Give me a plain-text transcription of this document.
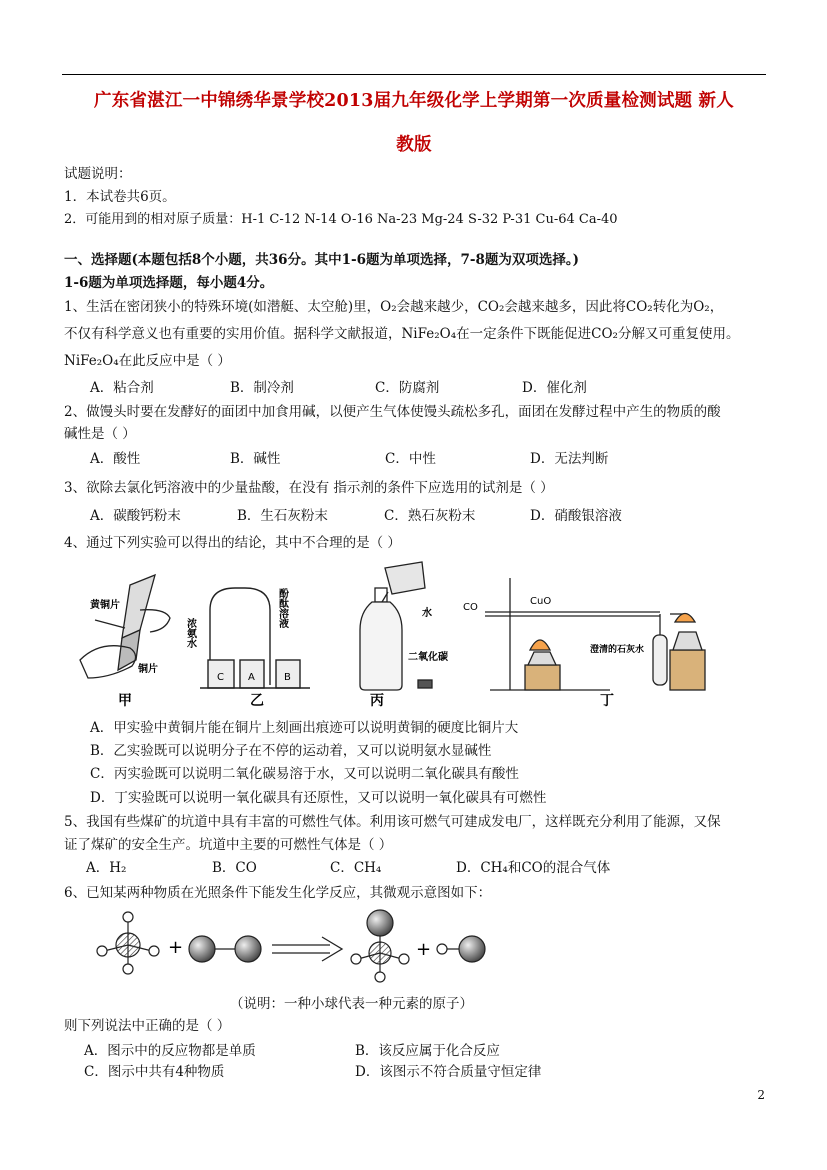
广东省湛江一中锦绣华景学校2013届九年级化学上学期第一次质量检测试题 新人
教版
试题说明：
1．本试卷共6页。
2．可能用到的相对原子质量：H-1 C-12 N-14 O-16 Na-23 Mg-24 S-32 P-31 Cu-64 Ca-40
一、选择题(本题包括8个小题，共36分。其中1-6题为单项选择，7-8题为双项选择。)
1-6题为单项选择题，每小题4分。
1、生活在密闭狭小的特殊环境(如潜艇、太空舱)里，O₂会越来越少，CO₂会越来越多，因此将CO₂转化为O₂，
不仅有科学意义也有重要的实用价值。据科学文献报道，NiFe₂O₄在一定条件下既能促进CO₂分解又可重复使用。
NiFe₂O₄在此反应中是（ ）
A．粘合剂	B．制冷剂	C．防腐剂	D．催化剂
2、做馒头时要在发酵好的面团中加食用碱，以便产生气体使馒头疏松多孔，面团在发酵过程中产生的物质的酸
碱性是（ ）
A．酸性	B．碱性	C．中性	D．无法判断
3、欲除去氯化钙溶液中的少量盐酸，在没有 指示剂的条件下应选用的试剂是（ ）
A．碳酸钙粉末	B．生石灰粉末	C．熟石灰粉末	D．硝酸银溶液
4、通过下列实验可以得出的结论，其中不合理的是（ ）
黄铜片
铜片
甲
浓氨水
酚酞溶液
C A	B
乙
水
二氧化碳
丙
CO
CuO
澄清的石灰水
丁
A．甲实验中黄铜片能在铜片上刻画出痕迹可以说明黄铜的硬度比铜片大
B．乙实验既可以说明分子在不停的运动着，又可以说明氨水显碱性
C．丙实验既可以说明二氧化碳易溶于水，又可以说明二氧化碳具有酸性
D．丁实验既可以说明一氧化碳具有还原性，又可以说明一氧化碳具有可燃性
5、我国有些煤矿的坑道中具有丰富的可燃性气体。利用该可燃气可建成发电厂，这样既充分利用了能源，又保
证了煤矿的安全生产。坑道中主要的可燃性气体是（ ）
A．H₂	B．CO	C．CH₄	D．CH₄和CO的混合气体
6、已知某两种物质在光照条件下能发生化学反应，其微观示意图如下：
+	+
（说明：一种小球代表一种元素的原子）
则下列说法中正确的是（ ）
A．图示中的反应物都是单质	B．该反应属于化合反应
C．图示中共有4种物质	D．该图示不符合质量守恒定律
2
